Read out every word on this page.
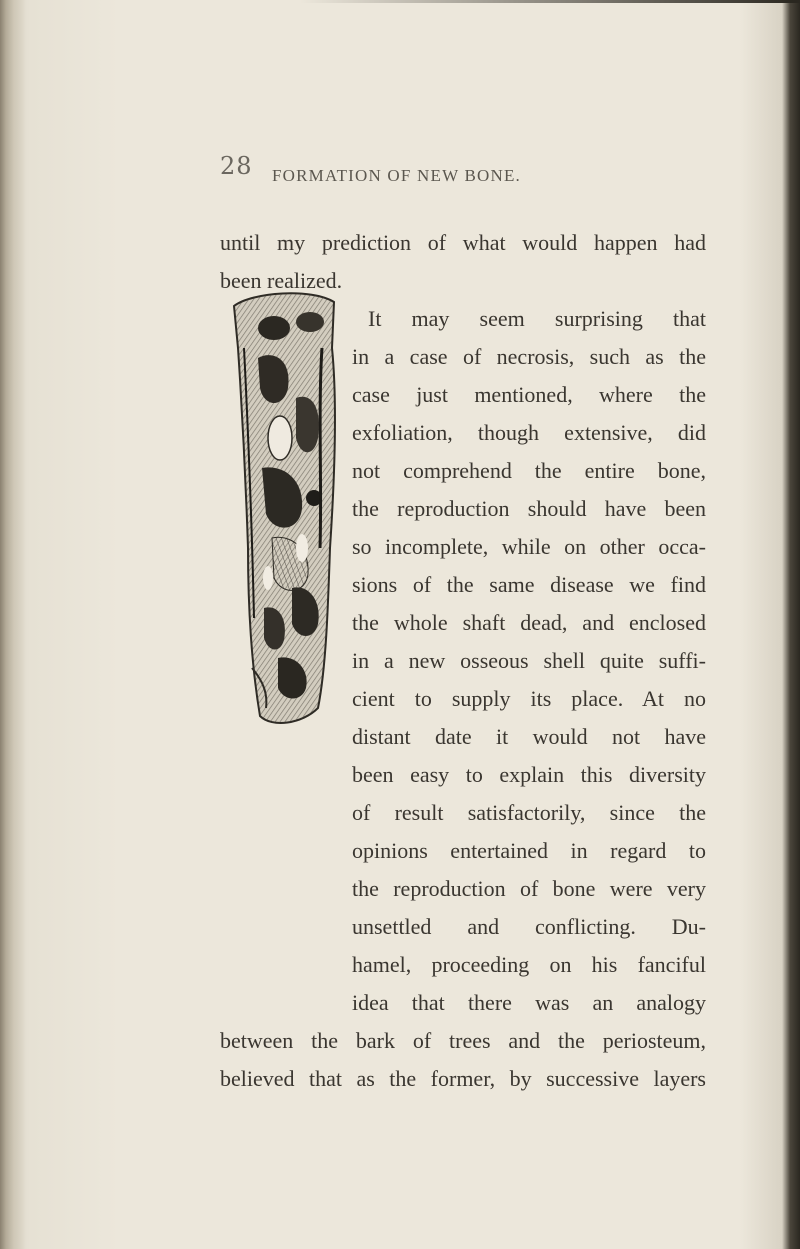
28 FORMATION OF NEW BONE.
until my prediction of what would happen had
been realized.
It may seem surprising that
in a case of necrosis, such as the
case just mentioned, where the
exfoliation, though extensive, did
not comprehend the entire bone,
the reproduction should have been
so incomplete, while on other occa-
sions of the same disease we find
the whole shaft dead, and enclosed
in a new osseous shell quite suffi-
cient to supply its place. At no
distant date it would not have
been easy to explain this diversity
of result satisfactorily, since the
opinions entertained in regard to
the reproduction of bone were very
unsettled and conflicting. Du-
hamel, proceeding on his fanciful
idea that there was an analogy
between the bark of trees and the periosteum,
believed that as the former, by successive layers
